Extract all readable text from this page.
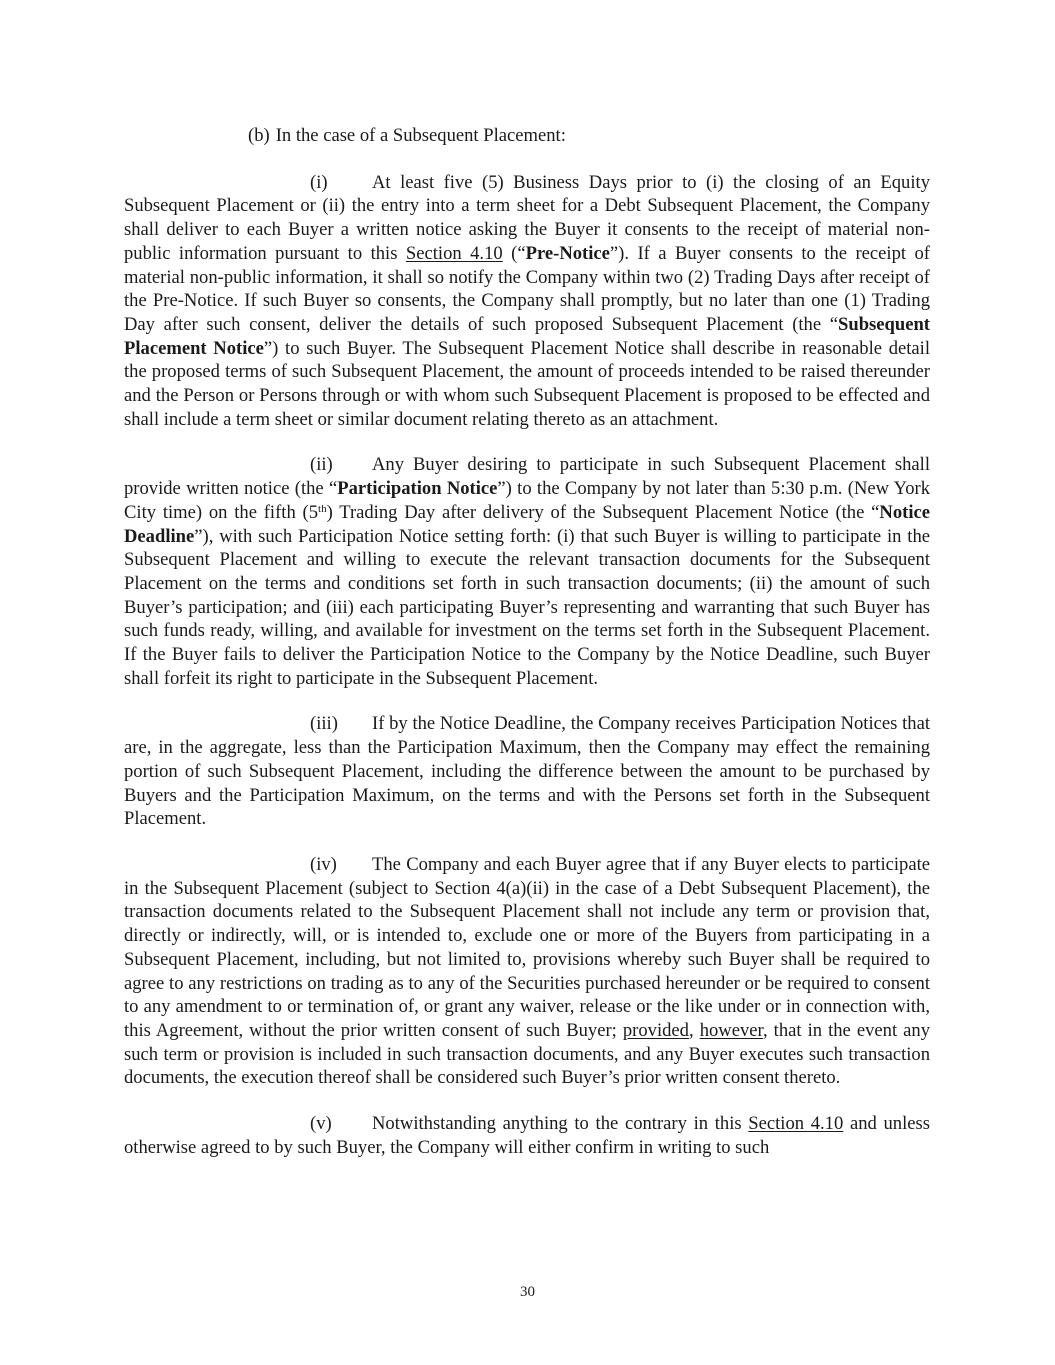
(b) In the case of a Subsequent Placement:

(i) At least five (5) Business Days prior to (i) the closing of an Equity Subsequent Placement or (ii) the entry into a term sheet for a Debt Subsequent Placement, the Company shall deliver to each Buyer a written notice asking the Buyer it consents to the receipt of material non-public information pursuant to this Section 4.10 (“Pre-Notice”). If a Buyer consents to the receipt of material non-public information, it shall so notify the Company within two (2) Trading Days after receipt of the Pre-Notice. If such Buyer so consents, the Company shall promptly, but no later than one (1) Trading Day after such consent, deliver the details of such proposed Subsequent Placement (the “Subsequent Placement Notice”) to such Buyer. The Subsequent Placement Notice shall describe in reasonable detail the proposed terms of such Subsequent Placement, the amount of proceeds intended to be raised thereunder and the Person or Persons through or with whom such Subsequent Placement is proposed to be effected and shall include a term sheet or similar document relating thereto as an attachment.

(ii) Any Buyer desiring to participate in such Subsequent Placement shall provide written notice (the “Participation Notice”) to the Company by not later than 5:30 p.m. (New York City time) on the fifth (5th) Trading Day after delivery of the Subsequent Placement Notice (the “Notice Deadline”), with such Participation Notice setting forth: (i) that such Buyer is willing to participate in the Subsequent Placement and willing to execute the relevant transaction documents for the Subsequent Placement on the terms and conditions set forth in such transaction documents; (ii) the amount of such Buyer’s participation; and (iii) each participating Buyer’s representing and warranting that such Buyer has such funds ready, willing, and available for investment on the terms set forth in the Subsequent Placement. If the Buyer fails to deliver the Participation Notice to the Company by the Notice Deadline, such Buyer shall forfeit its right to participate in the Subsequent Placement.

(iii) If by the Notice Deadline, the Company receives Participation Notices that are, in the aggregate, less than the Participation Maximum, then the Company may effect the remaining portion of such Subsequent Placement, including the difference between the amount to be purchased by Buyers and the Participation Maximum, on the terms and with the Persons set forth in the Subsequent Placement.

(iv) The Company and each Buyer agree that if any Buyer elects to participate in the Subsequent Placement (subject to Section 4(a)(ii) in the case of a Debt Subsequent Placement), the transaction documents related to the Subsequent Placement shall not include any term or provision that, directly or indirectly, will, or is intended to, exclude one or more of the Buyers from participating in a Subsequent Placement, including, but not limited to, provisions whereby such Buyer shall be required to agree to any restrictions on trading as to any of the Securities purchased hereunder or be required to consent to any amendment to or termination of, or grant any waiver, release or the like under or in connection with, this Agreement, without the prior written consent of such Buyer; provided, however, that in the event any such term or provision is included in such transaction documents, and any Buyer executes such transaction documents, the execution thereof shall be considered such Buyer’s prior written consent thereto.

(v) Notwithstanding anything to the contrary in this Section 4.10 and unless otherwise agreed to by such Buyer, the Company will either confirm in writing to such

30
